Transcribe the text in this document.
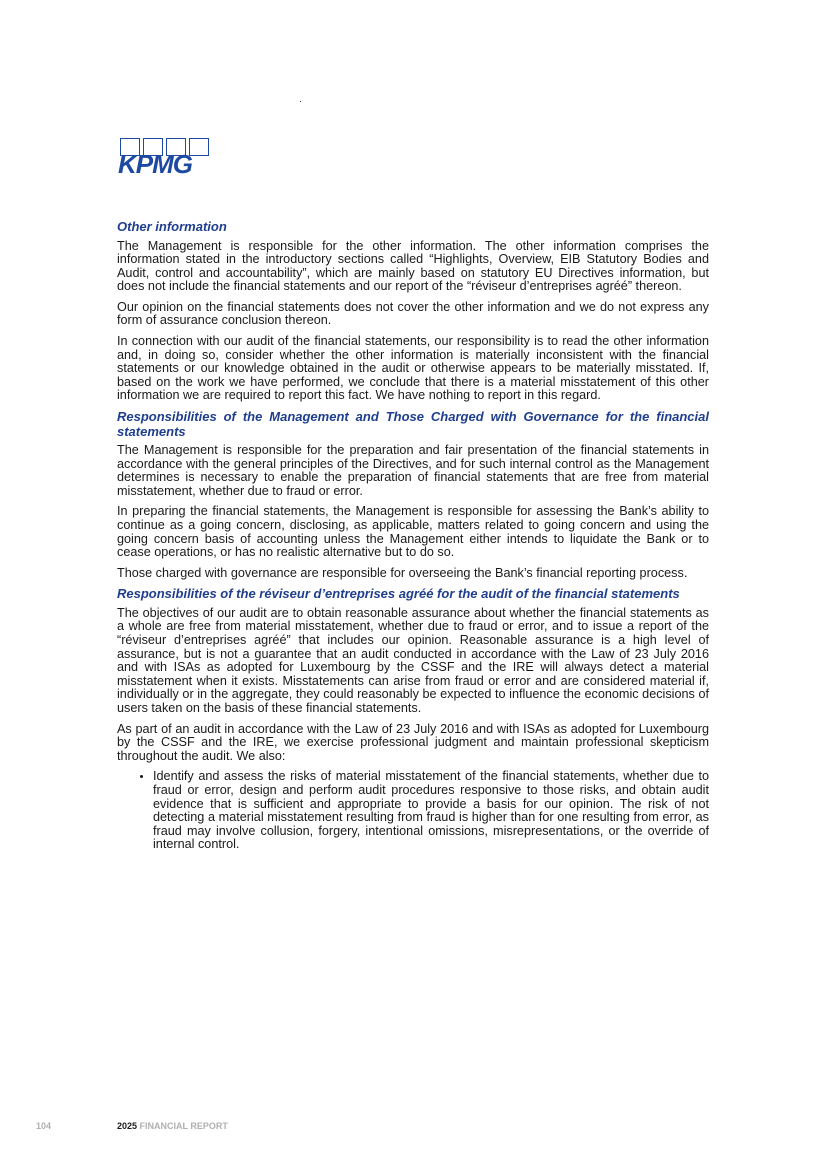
KPMG
Other information

The Management is responsible for the other information. The other information comprises the information stated in the introductory sections called “Highlights, Overview, EIB Statutory Bodies and Audit, control and accountability”, which are mainly based on statutory EU Directives information, but does not include the financial statements and our report of the “réviseur d’entreprises agréé” thereon.

Our opinion on the financial statements does not cover the other information and we do not express any form of assurance conclusion thereon.

In connection with our audit of the financial statements, our responsibility is to read the other information and, in doing so, consider whether the other information is materially inconsistent with the financial statements or our knowledge obtained in the audit or otherwise appears to be materially misstated. If, based on the work we have performed, we conclude that there is a material misstatement of this other information we are required to report this fact. We have nothing to report in this regard.

Responsibilities of the Management and Those Charged with Governance for the financial statements

The Management is responsible for the preparation and fair presentation of the financial statements in accordance with the general principles of the Directives, and for such internal control as the Management determines is necessary to enable the preparation of financial statements that are free from material misstatement, whether due to fraud or error.

In preparing the financial statements, the Management is responsible for assessing the Bank’s ability to continue as a going concern, disclosing, as applicable, matters related to going concern and using the going concern basis of accounting unless the Management either intends to liquidate the Bank or to cease operations, or has no realistic alternative but to do so.

Those charged with governance are responsible for overseeing the Bank’s financial reporting process.

Responsibilities of the réviseur d’entreprises agréé for the audit of the financial statements

The objectives of our audit are to obtain reasonable assurance about whether the financial statements as a whole are free from material misstatement, whether due to fraud or error, and to issue a report of the “réviseur d’entreprises agréé” that includes our opinion. Reasonable assurance is a high level of assurance, but is not a guarantee that an audit conducted in accordance with the Law of 23 July 2016 and with ISAs as adopted for Luxembourg by the CSSF and the IRE will always detect a material misstatement when it exists. Misstatements can arise from fraud or error and are considered material if, individually or in the aggregate, they could reasonably be expected to influence the economic decisions of users taken on the basis of these financial statements.

As part of an audit in accordance with the Law of 23 July 2016 and with ISAs as adopted for Luxembourg by the CSSF and the IRE, we exercise professional judgment and maintain professional skepticism throughout the audit. We also:

• Identify and assess the risks of material misstatement of the financial statements, whether due to fraud or error, design and perform audit procedures responsive to those risks, and obtain audit evidence that is sufficient and appropriate to provide a basis for our opinion. The risk of not detecting a material misstatement resulting from fraud is higher than for one resulting from error, as fraud may involve collusion, forgery, intentional omissions, misrepresentations, or the override of internal control.
104	2025 FINANCIAL REPORT
